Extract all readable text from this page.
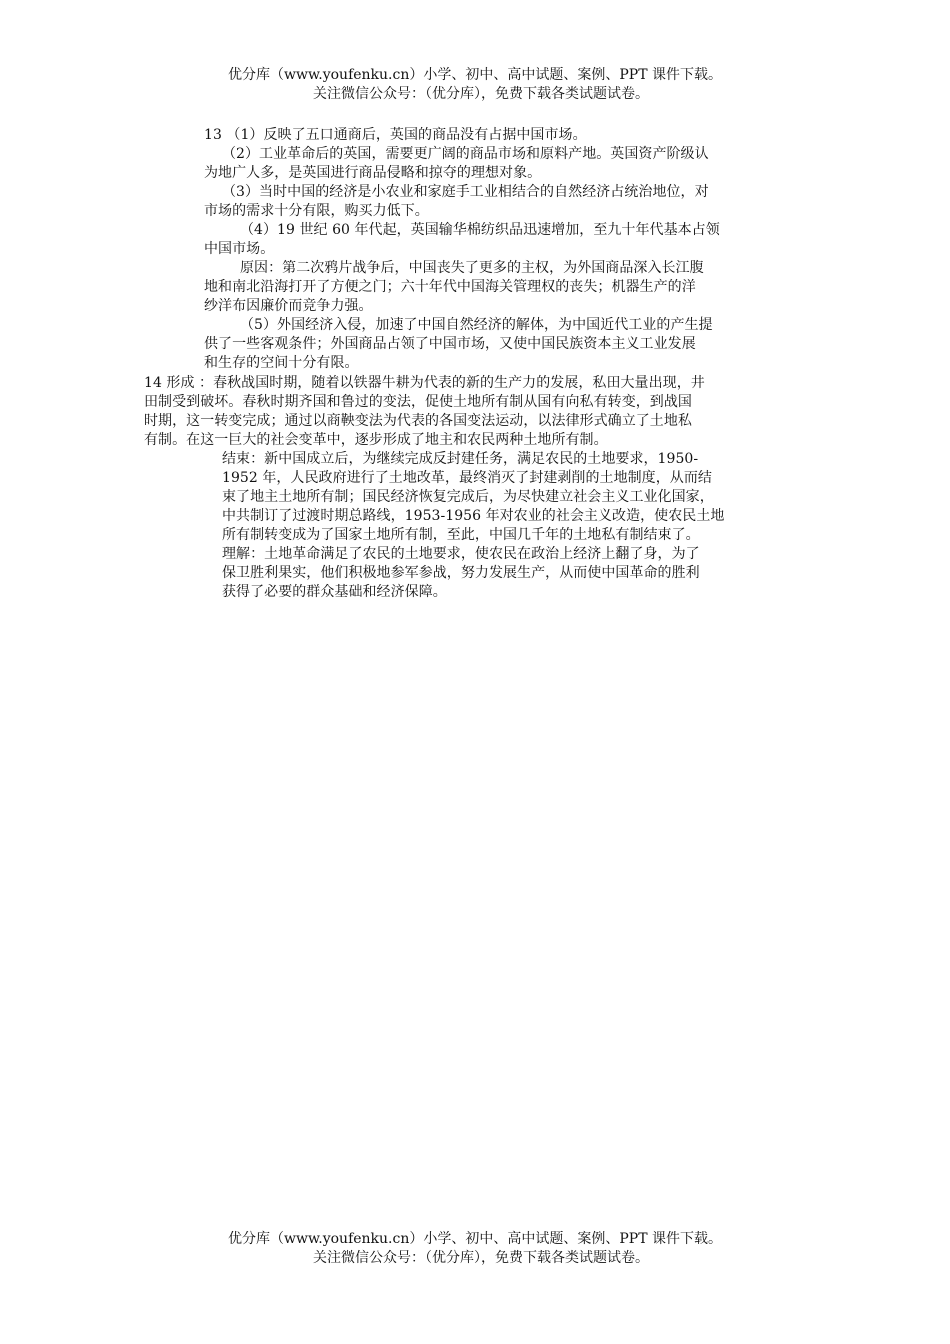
优分库（www.youfenku.cn）小学、初中、高中试题、案例、PPT 课件下载。
关注微信公众号：（优分库），免费下载各类试题试卷。
13 （1）反映了五口通商后，英国的商品没有占据中国市场。
（2）工业革命后的英国，需要更广阔的商品市场和原料产地。英国资产阶级认
为地广人多，是英国进行商品侵略和掠夺的理想对象。
（3）当时中国的经济是小农业和家庭手工业相结合的自然经济占统治地位，对
市场的需求十分有限，购买力低下。
（4）19 世纪 60 年代起，英国输华棉纺织品迅速增加，至九十年代基本占领
中国市场。
原因：第二次鸦片战争后，中国丧失了更多的主权，为外国商品深入长江腹
地和南北沿海打开了方便之门；六十年代中国海关管理权的丧失；机器生产的洋
纱洋布因廉价而竞争力强。
（5）外国经济入侵，加速了中国自然经济的解体，为中国近代工业的产生提
供了一些客观条件；外国商品占领了中国市场，又使中国民族资本主义工业发展
和生存的空间十分有限。
14 形成 ：春秋战国时期，随着以铁器牛耕为代表的新的生产力的发展，私田大量出现，井
田制受到破坏。春秋时期齐国和鲁过的变法，促使土地所有制从国有向私有转变，到战国
时期，这一转变完成；通过以商鞅变法为代表的各国变法运动，以法律形式确立了土地私
有制。在这一巨大的社会变革中，逐步形成了地主和农民两种土地所有制。
结束：新中国成立后，为继续完成反封建任务，满足农民的土地要求，1950-
1952 年，人民政府进行了土地改革，最终消灭了封建剥削的土地制度，从而结
束了地主土地所有制；国民经济恢复完成后，为尽快建立社会主义工业化国家，
中共制订了过渡时期总路线，1953-1956 年对农业的社会主义改造，使农民土地
所有制转变成为了国家土地所有制，至此，中国几千年的土地私有制结束了。
理解：土地革命满足了农民的土地要求，使农民在政治上经济上翻了身，为了
保卫胜利果实，他们积极地参军参战，努力发展生产，从而使中国革命的胜利
获得了必要的群众基础和经济保障。
优分库（www.youfenku.cn）小学、初中、高中试题、案例、PPT 课件下载。
关注微信公众号：（优分库），免费下载各类试题试卷。
